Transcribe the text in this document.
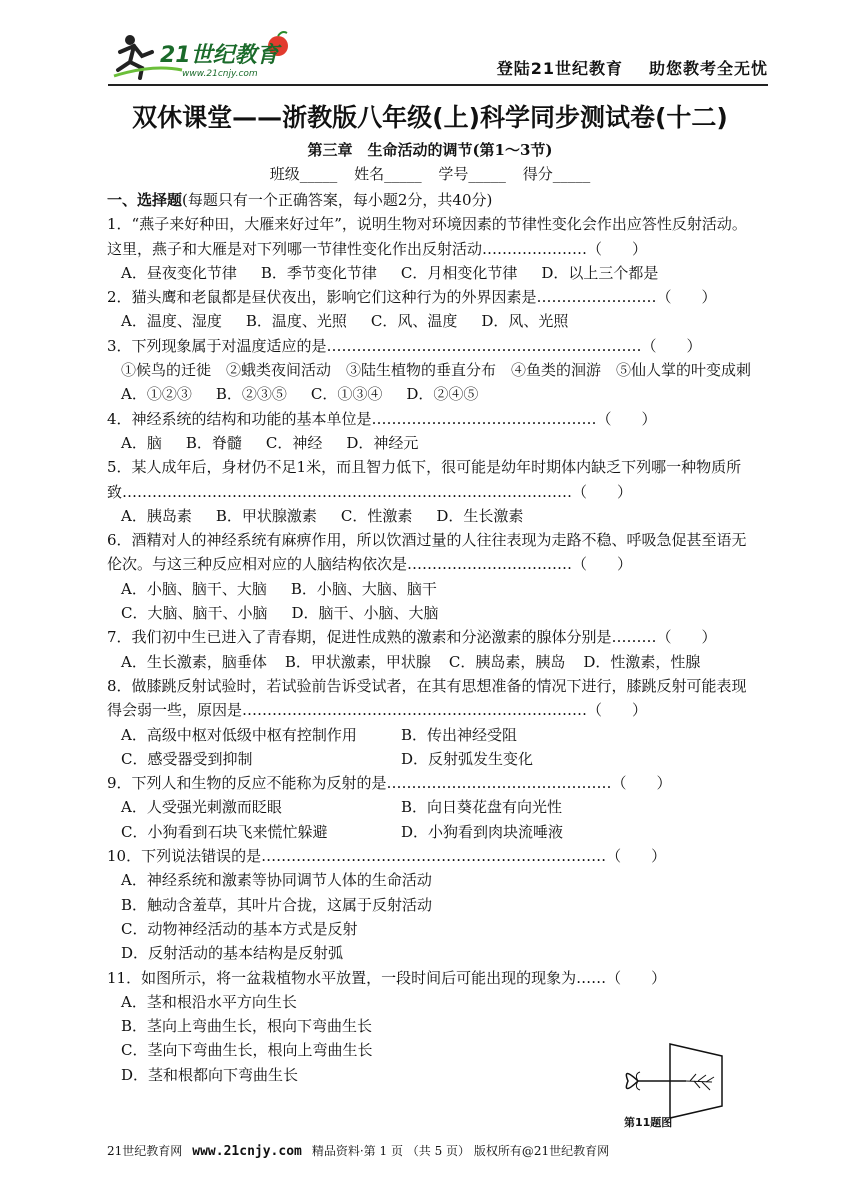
21世纪教育
www.21cnjy.com	登陆21世纪教育 助您教考全无忧
双休课堂——浙教版八年级(上)科学同步测试卷(十二)
第三章　生命活动的调节(第1～3节)
班级_____ 姓名_____ 学号_____ 得分_____

一、选择题(每题只有一个正确答案，每小题2分，共40分)

1．“燕子来好种田，大雁来好过年”，说明生物对环境因素的节律性变化会作出应答性反射活动。这里，燕子和大雁是对下列哪一节律性变化作出反射活动…………………（　　）

A．昼夜变化节律 B．季节变化节律 C．月相变化节律 D．以上三个都是

2．猫头鹰和老鼠都是昼伏夜出，影响它们这种行为的外界因素是……………………（　　）

A．温度、湿度 B．温度、光照 C．风、温度 D．风、光照

3．下列现象属于对温度适应的是………………………………………………………（　　）

①候鸟的迁徙　②蛾类夜间活动　③陆生植物的垂直分布　④鱼类的洄游　⑤仙人掌的叶变成刺

A．①②③ B．②③⑤ C．①③④ D．②④⑤

4．神经系统的结构和功能的基本单位是………………………………………（　　）

A．脑 B．脊髓 C．神经 D．神经元

5．某人成年后，身材仍不足1米，而且智力低下，很可能是幼年时期体内缺乏下列哪一种物质所致………………………………………………………………………………（　　）

A．胰岛素 B．甲状腺激素 C．性激素 D．生长激素

6．酒精对人的神经系统有麻痹作用，所以饮酒过量的人往往表现为走路不稳、呼吸急促甚至语无伦次。与这三种反应相对应的人脑结构依次是……………………………（　　）

A．小脑、脑干、大脑 B．小脑、大脑、脑干

C．大脑、脑干、小脑 D．脑干、小脑、大脑

7．我们初中生已进入了青春期，促进性成熟的激素和分泌激素的腺体分别是………（　　）

A．生长激素，脑垂体 B．甲状激素，甲状腺 C．胰岛素，胰岛 D．性激素，性腺

8．做膝跳反射试验时，若试验前告诉受试者，在其有思想准备的情况下进行，膝跳反射可能表现得会弱一些，原因是……………………………………………………………（　　）

A．高级中枢对低级中枢有控制作用	B．传出神经受阻

C．感受器受到抑制	D．反射弧发生变化

9．下列人和生物的反应不能称为反射的是………………………………………（　　）

A．人受强光刺激而眨眼	B．向日葵花盘有向光性

C．小狗看到石块飞来慌忙躲避	D．小狗看到肉块流唾液

10．下列说法错误的是……………………………………………………………（　　）

A．神经系统和激素等协同调节人体的生命活动

B．触动含羞草，其叶片合拢，这属于反射活动

C．动物神经活动的基本方式是反射

D．反射活动的基本结构是反射弧

11．如图所示，将一盆栽植物水平放置，一段时间后可能出现的现象为……（　　）

A．茎和根沿水平方向生长

B．茎向上弯曲生长，根向下弯曲生长

C．茎向下弯曲生长，根向上弯曲生长

D．茎和根都向下弯曲生长

第11题图
21世纪教育网 www.21cnjy.com 精品资料·第 1 页 （共 5 页） 版权所有@21世纪教育网
